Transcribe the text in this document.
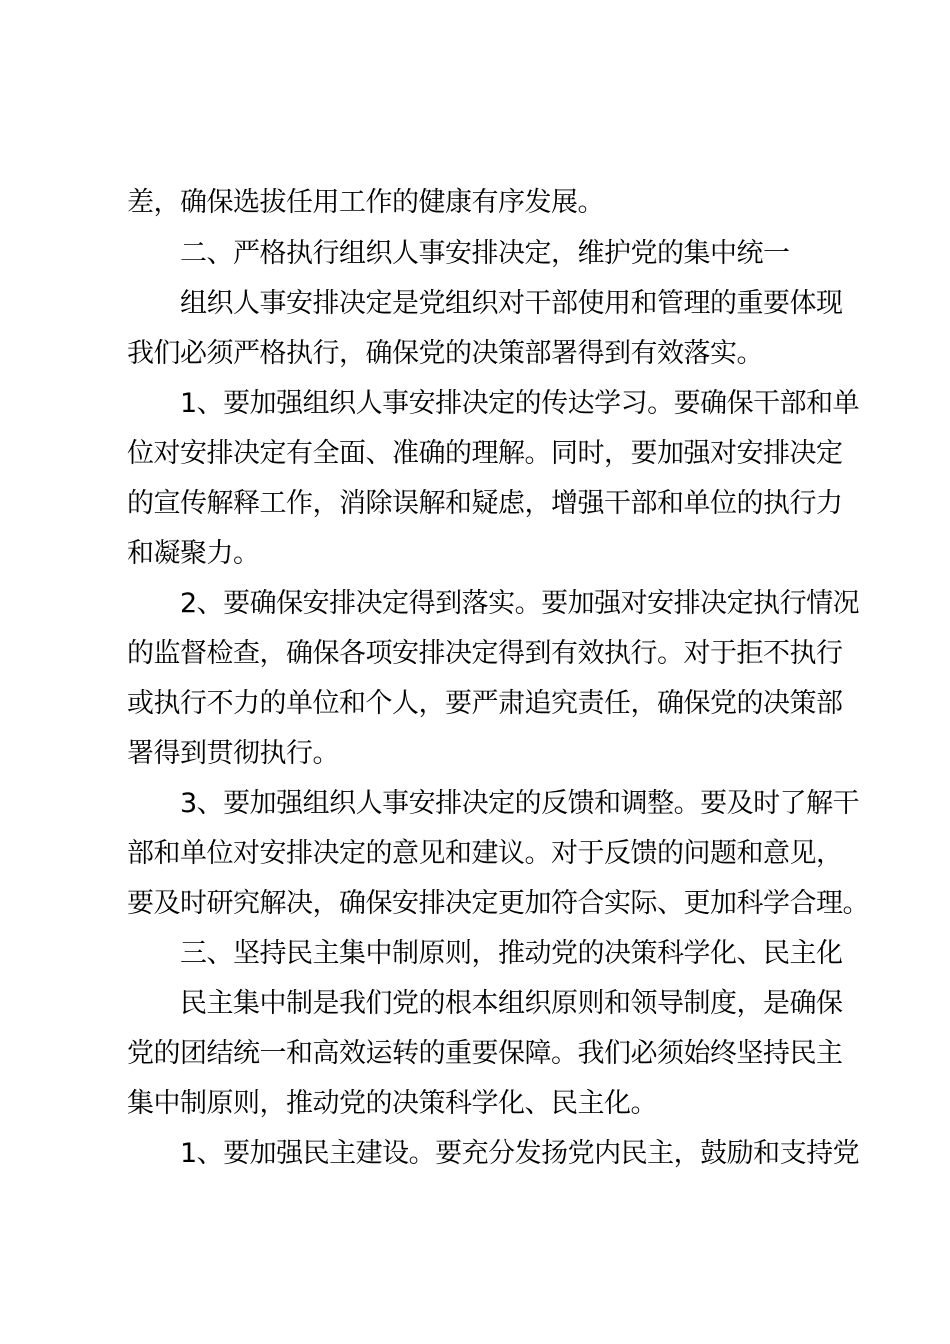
差，确保选拔任用工作的健康有序发展。
二、严格执行组织人事安排决定，维护党的集中统一
组织人事安排决定是党组织对干部使用和管理的重要体现
我们必须严格执行，确保党的决策部署得到有效落实。
1、要加强组织人事安排决定的传达学习。要确保干部和单
位对安排决定有全面、准确的理解。同时，要加强对安排决定
的宣传解释工作，消除误解和疑虑，增强干部和单位的执行力
和凝聚力。
2、要确保安排决定得到落实。要加强对安排决定执行情况
的监督检查，确保各项安排决定得到有效执行。对于拒不执行
或执行不力的单位和个人，要严肃追究责任，确保党的决策部
署得到贯彻执行。
3、要加强组织人事安排决定的反馈和调整。要及时了解干
部和单位对安排决定的意见和建议。对于反馈的问题和意见，
要及时研究解决，确保安排决定更加符合实际、更加科学合理。
三、坚持民主集中制原则，推动党的决策科学化、民主化
民主集中制是我们党的根本组织原则和领导制度，是确保
党的团结统一和高效运转的重要保障。我们必须始终坚持民主
集中制原则，推动党的决策科学化、民主化。
1、要加强民主建设。要充分发扬党内民主，鼓励和支持党
